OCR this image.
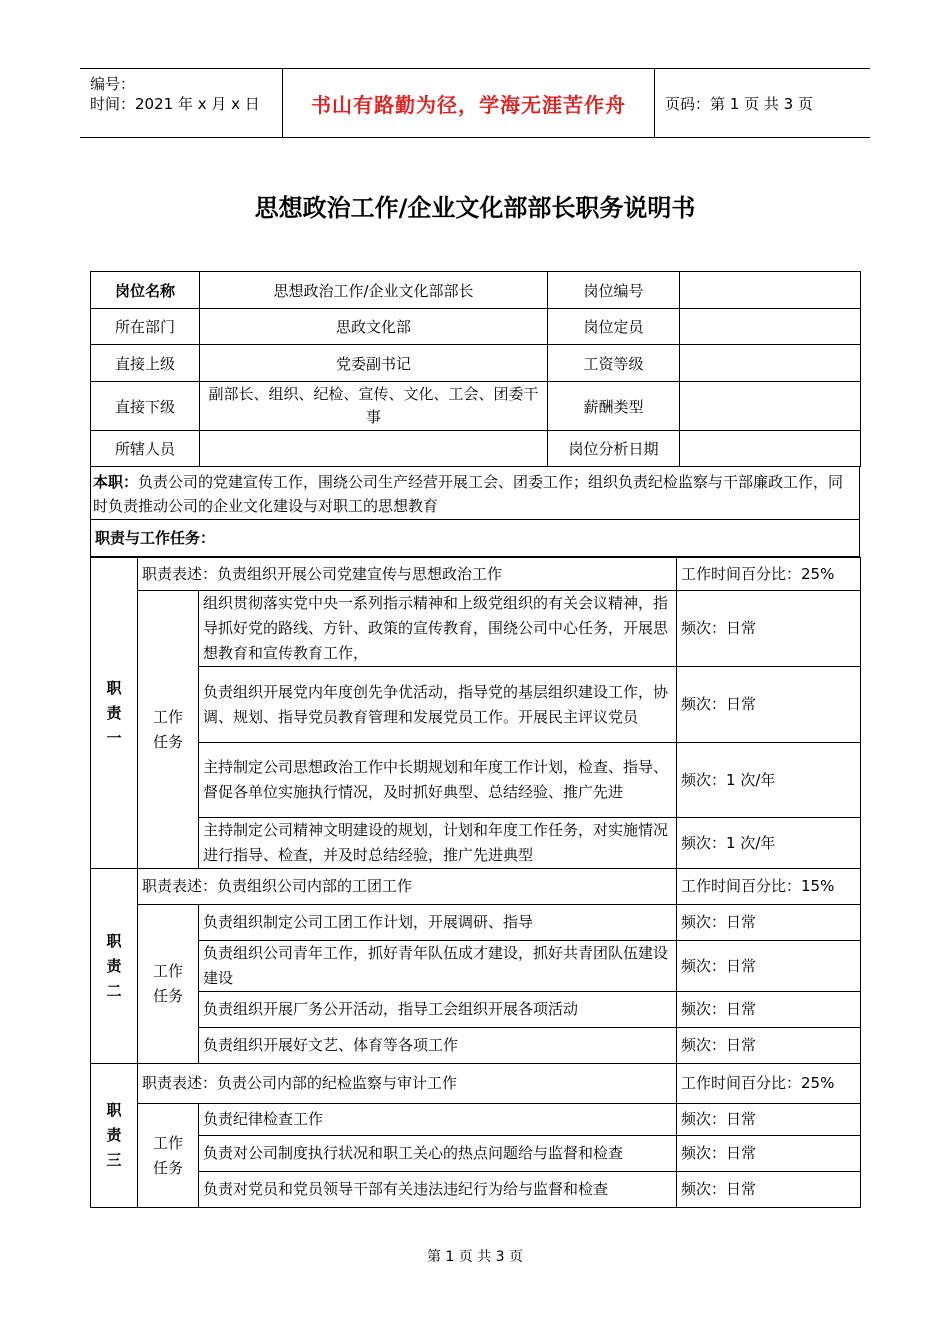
编号：
时间：2021 年 x 月 x 日	书山有路勤为径，学海无涯苦作舟	页码：第 1 页 共 3 页
思想政治工作/企业文化部部长职务说明书
岗位名称	思想政治工作/企业文化部部长	岗位编号	
所在部门	思政文化部	岗位定员	
直接上级	党委副书记	工资等级	
直接下级	副部长、组织、纪检、宣传、文化、工会、团委干事	薪酬类型	
所辖人员		岗位分析日期	
本职：负责公司的党建宣传工作，围绕公司生产经营开展工会、团委工作；组织负责纪检监察与干部廉政工作，同时负责推动公司的企业文化建设与对职工的思想教育
职责与工作任务：
职责一	职责表述：负责组织开展公司党建宣传与思想政治工作		工作时间百分比：25%
	工作任务	组织贯彻落实党中央一系列指示精神和上级党组织的有关会议精神，指导抓好党的路线、方针、政策的宣传教育，围绕公司中心任务，开展思想教育和宣传教育工作，	频次：日常
		负责组织开展党内年度创先争优活动，指导党的基层组织建设工作，协调、规划、指导党员教育管理和发展党员工作。开展民主评议党员	频次：日常
		主持制定公司思想政治工作中长期规划和年度工作计划，检查、指导、督促各单位实施执行情况，及时抓好典型、总结经验、推广先进	频次：1 次/年
		主持制定公司精神文明建设的规划，计划和年度工作任务，对实施情况进行指导、检查，并及时总结经验，推广先进典型	频次：1 次/年
职责二	职责表述：负责组织公司内部的工团工作		工作时间百分比：15%
	工作任务	负责组织制定公司工团工作计划，开展调研、指导	频次：日常
		负责组织公司青年工作，抓好青年队伍成才建设，抓好共青团队伍建设建设	频次：日常
		负责组织开展厂务公开活动，指导工会组织开展各项活动	频次：日常
		负责组织开展好文艺、体育等各项工作	频次：日常
职责三	职责表述：负责公司内部的纪检监察与审计工作		工作时间百分比：25%
	工作任务	负责纪律检查工作	频次：日常
		负责对公司制度执行状况和职工关心的热点问题给与监督和检查	频次：日常
		负责对党员和党员领导干部有关违法违纪行为给与监督和检查	频次：日常
第 1 页 共 3 页
